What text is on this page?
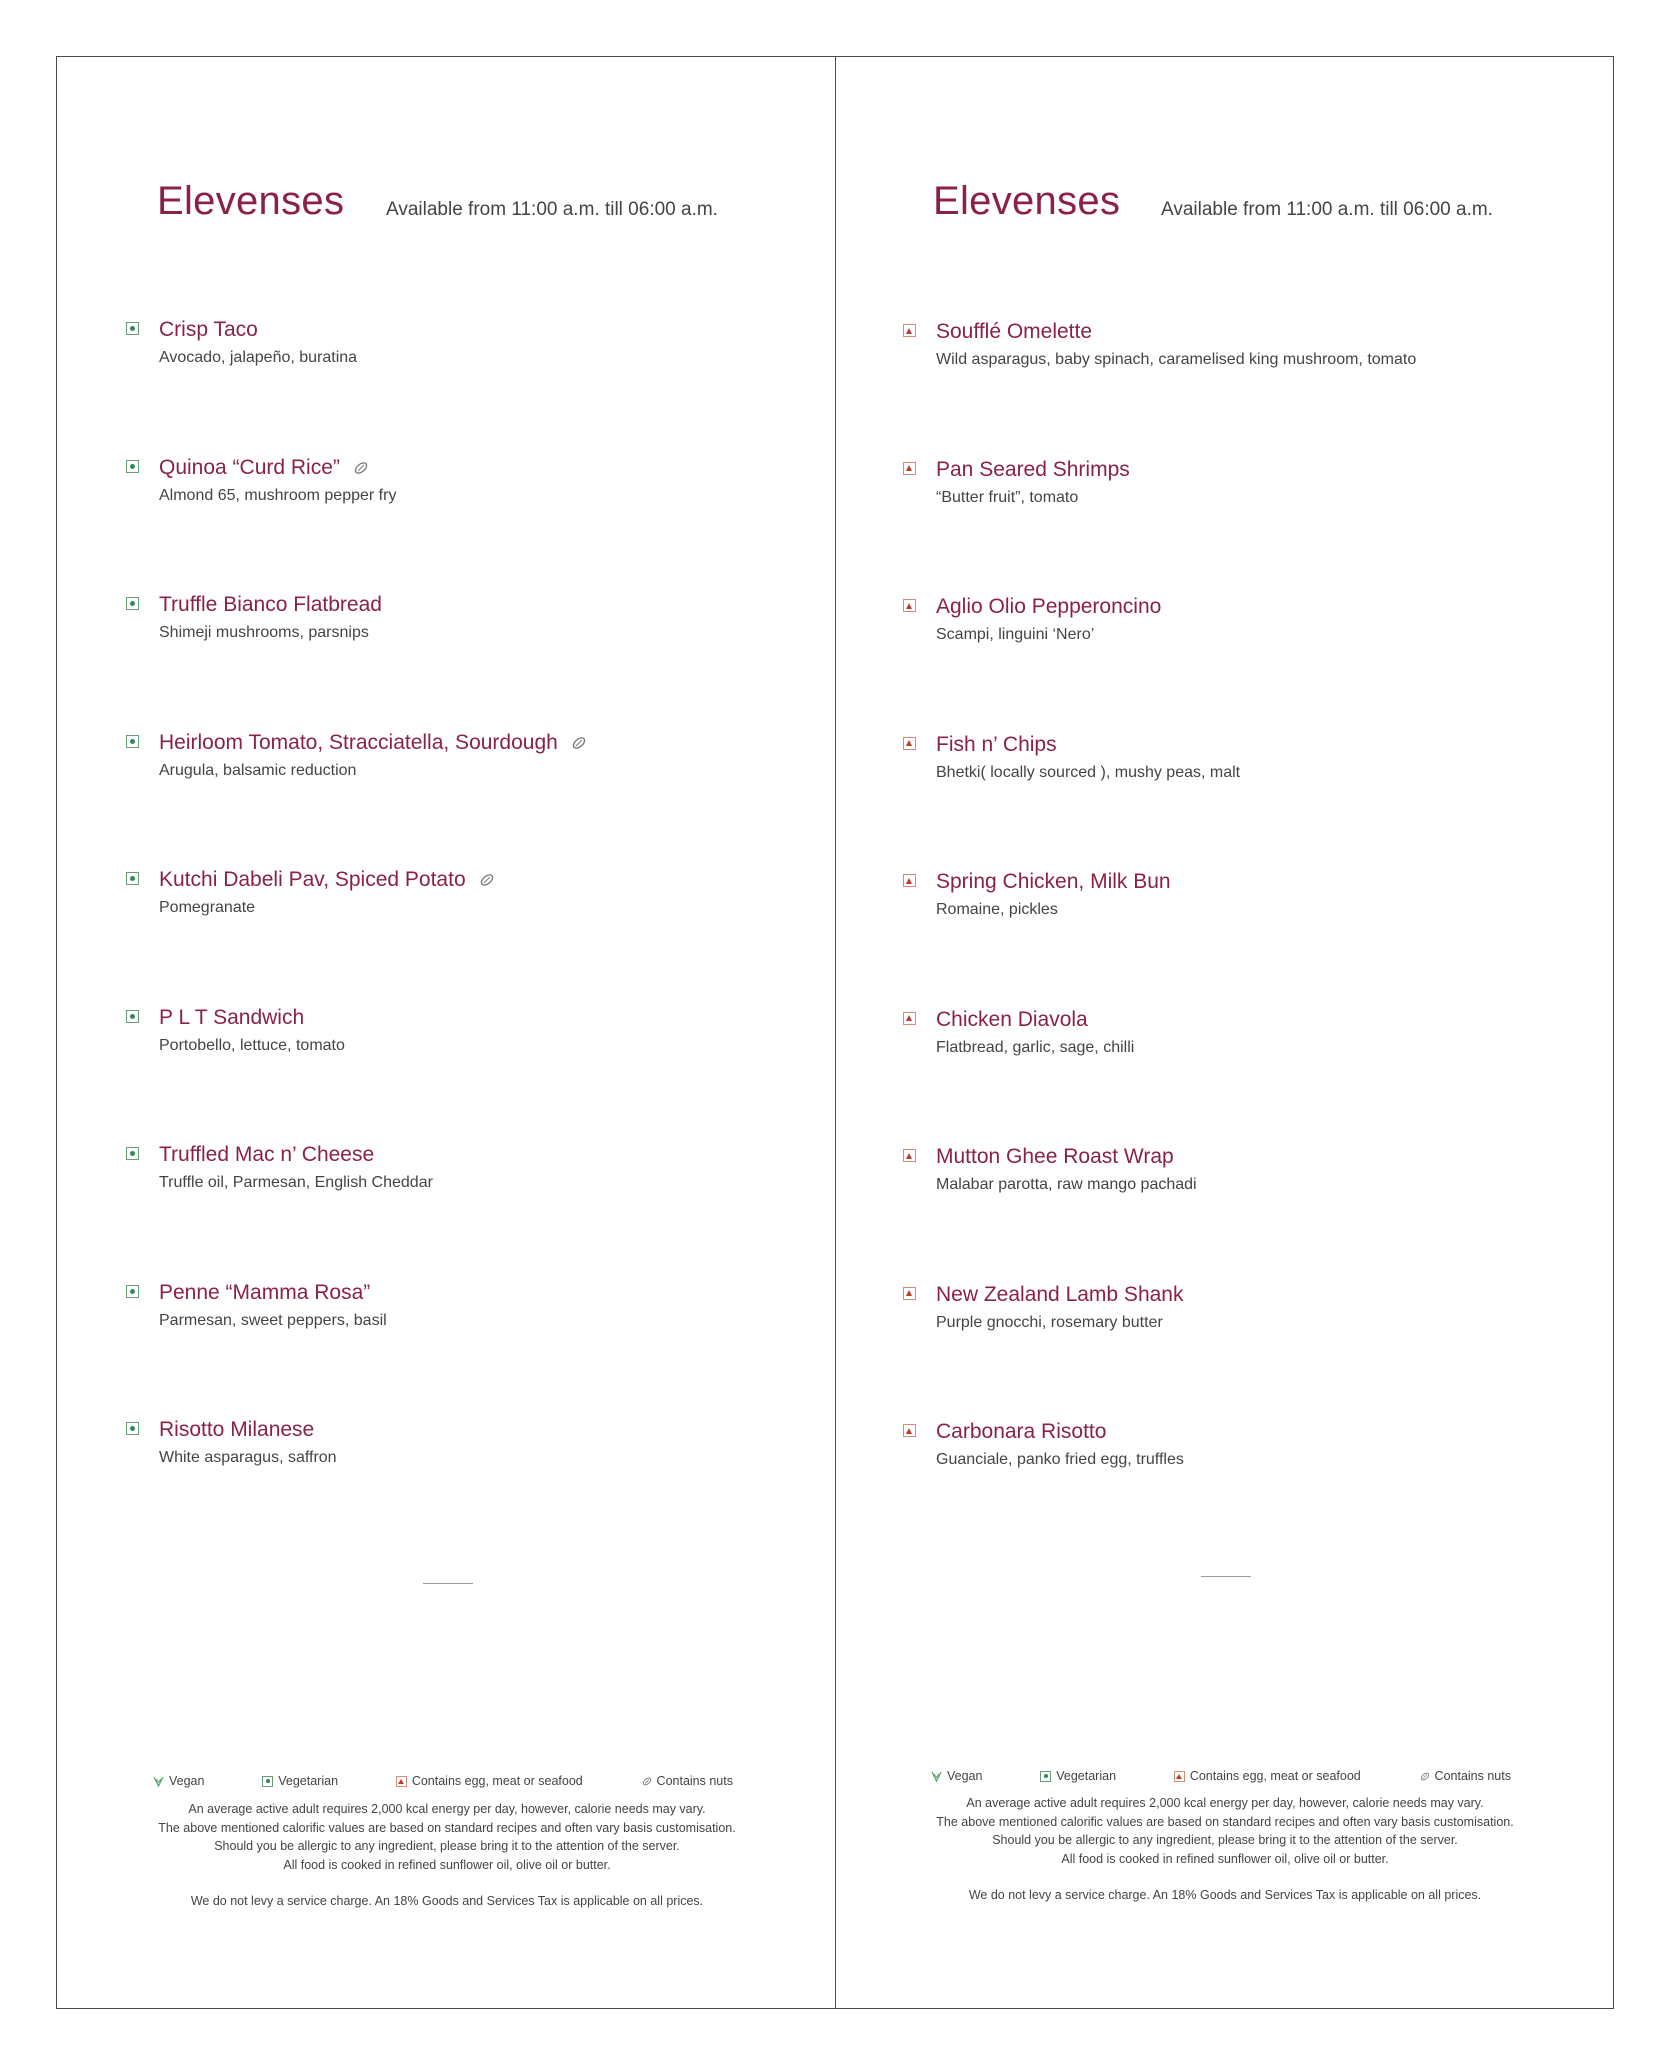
Elevenses Available from 11:00 a.m. till 06:00 a.m.
Crisp Taco
Avocado, jalapeño, buratina
Quinoa “Curd Rice”
Almond 65, mushroom pepper fry
Truffle Bianco Flatbread
Shimeji mushrooms, parsnips
Heirloom Tomato, Stracciatella, Sourdough
Arugula, balsamic reduction
Kutchi Dabeli Pav, Spiced Potato
Pomegranate
P L T Sandwich
Portobello, lettuce, tomato
Truffled Mac n’ Cheese
Truffle oil, Parmesan, English Cheddar
Penne “Mamma Rosa”
Parmesan, sweet peppers, basil
Risotto Milanese
White asparagus, saffron
Vegan	Vegetarian	Contains egg, meat or seafood	Contains nuts

An average active adult requires 2,000 kcal energy per day, however, calorie needs may vary.

The above mentioned calorific values are based on standard recipes and often vary basis customisation.

Should you be allergic to any ingredient, please bring it to the attention of the server.

All food is cooked in refined sunflower oil, olive oil or butter.

We do not levy a service charge. An 18% Goods and Services Tax is applicable on all prices.

Elevenses Available from 11:00 a.m. till 06:00 a.m.
Soufflé Omelette
Wild asparagus, baby spinach, caramelised king mushroom, tomato
Pan Seared Shrimps
“Butter fruit”, tomato
Aglio Olio Pepperoncino
Scampi, linguini ‘Nero’
Fish n’ Chips
Bhetki( locally sourced ), mushy peas, malt
Spring Chicken, Milk Bun
Romaine, pickles
Chicken Diavola
Flatbread, garlic, sage, chilli
Mutton Ghee Roast Wrap
Malabar parotta, raw mango pachadi
New Zealand Lamb Shank
Purple gnocchi, rosemary butter
Carbonara Risotto
Guanciale, panko fried egg, truffles
Vegan	Vegetarian	Contains egg, meat or seafood	Contains nuts

An average active adult requires 2,000 kcal energy per day, however, calorie needs may vary.

The above mentioned calorific values are based on standard recipes and often vary basis customisation.

Should you be allergic to any ingredient, please bring it to the attention of the server.

All food is cooked in refined sunflower oil, olive oil or butter.

We do not levy a service charge. An 18% Goods and Services Tax is applicable on all prices.
